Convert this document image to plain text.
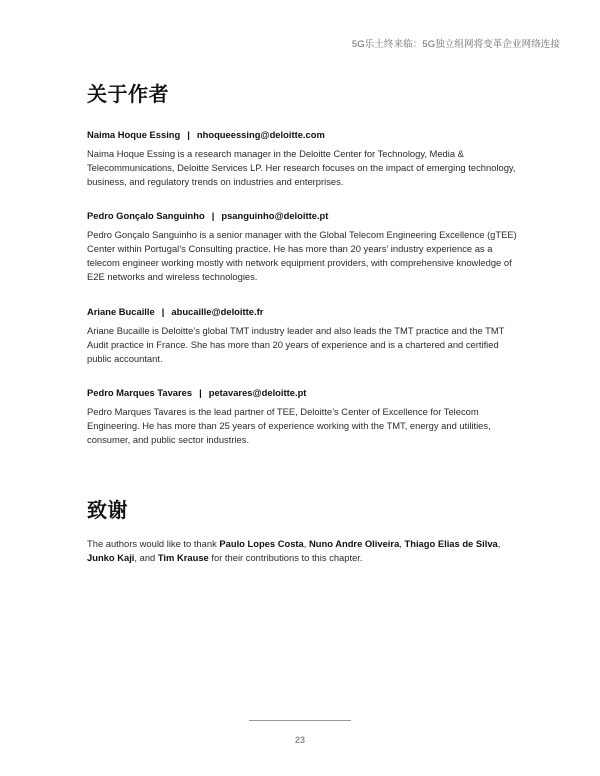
5G乐土终来临：5G独立组网将变革企业网络连接
关于作者

Naima Hoque Essing | nhoqueessing@deloitte.com

Naima Hoque Essing is a research manager in the Deloitte Center for Technology, Media & Telecommunications, Deloitte Services LP. Her research focuses on the impact of emerging technology, business, and regulatory trends on industries and enterprises.

Pedro Gonçalo Sanguinho | psanguinho@deloitte.pt

Pedro Gonçalo Sanguinho is a senior manager with the Global Telecom Engineering Excellence (gTEE) Center within Portugal’s Consulting practice. He has more than 20 years’ industry experience as a telecom engineer working mostly with network equipment providers, with comprehensive knowledge of E2E networks and wireless technologies.

Ariane Bucaille | abucaille@deloitte.fr

Ariane Bucaille is Deloitte’s global TMT industry leader and also leads the TMT practice and the TMT Audit practice in France. She has more than 20 years of experience and is a chartered and certified public accountant.

Pedro Marques Tavares | petavares@deloitte.pt

Pedro Marques Tavares is the lead partner of TEE, Deloitte’s Center of Excellence for Telecom Engineering. He has more than 25 years of experience working with the TMT, energy and utilities, consumer, and public sector industries.

致谢

The authors would like to thank Paulo Lopes Costa, Nuno Andre Oliveira, Thiago Elias de Silva, Junko Kaji, and Tim Krause for their contributions to this chapter.

23
